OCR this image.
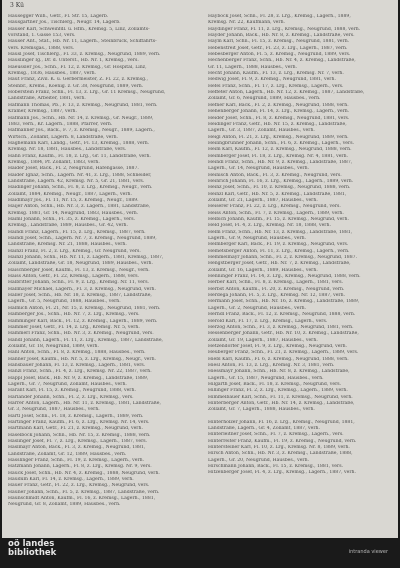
3 Kü
Hausegger Wilh., Getr., Fl. Str. 15, Lagerb.
Hausgartner Jos., Tischlerg., Neugr. 14, Lagerb.
Hauser Karl, Schweinfdl. u. Hfm., Kremsg. 5, Linz, Zollamts-
vorstand, 1. Gasse 153, vers.
Hauser Ant., Stat., Hb. Nr. 11, Lagerh., Steinbruck, Schiffahrts-
vers. Kremsgas., 1888, vers.
Hausl Josef, Tischlerg., Fl. 33, z. Kremsg., Neugrund, 1889, verh.
Hauslinger Ig., Dr. d. Unterst., Hb. Nr. 1, Kremsg., vers.
Haeussler Jos., Schn., Fl. 12, z. Kremsg., Gr. Hospital, Linz,
Kremsg., 1836, Hausbes., 1887, verh.
Haut Franz, Zivil. K. u. Gerbermeister, Z. Fl. 22, z. Kremsg.,
Steinbr., Krems., Koenig. z. Gr. 38, Neugrund, 1889, verh.
Hoberstein Franz, Schn., Fl. 13, z. Lrg., Gr. 11 Kremsg., Neugrund,
Landstraße, Arbeiter, 1881, verh.
Hafmann Thomas, Pb., F. 13, z. Kremsg., Neugrund, 1881, verh.
Kramer, Kremsg., 1887, verh.
Hafmann Jos., Schn., Hb. Nr. 14, z. Kremsg., Gr. Neugr., 1889,
1883, verh., Kr. Lagerh., 1888, Pfarrer, verh.
Hafmanner Jos., Bäck., F. 7, z. Kremsg., Neugr., 1889, Lagerh.,
Wirtsch., Zollamt, Lagerh. 8, Landstraße, verh.
Haghemann Karl, Landg., Getr., Fl. 13, Kremsg., 1888, verh.
Kremsg. Nr. 18, 1881, Hausbes., Landstraße, vers.
Hahn Franz, Kaufm., Fl. 18, z. Lrg., Gr. 11, Landstraße, verh.
Kremsg., 1884, Pf. Zollamt, 1883, verh.
Haider Josef, Bäck., Fl. 2, Neugrund, Hafengasse, 1887.
Haider Ignaz, Schn., Lagerh. Nr. 41, z. Lrg., 1888, Schneider,
Landstraße, Lagerh. 42, Kremsg. Nr. 5, Gr. 21, 1881, vers.
Haidinger Johann, Schn., Fl. 8, z. Lrg., Kremsg., Neugr., verh.
Zollamt, 1884, Kremsg., Neugr., 1887, Lagerh., verh.
Haidlmayr Jos., Fl. 11, Nr. 15, z. Kremsg., Neugr., 1889.
Haijer Anton, Schn., Hb. Nr. 3, z. Lagerh., 1881, Landstraße,
Kremsg. 1881, Gr. 14, Neugrund, 1883, Hausbes., verh.
Haiml Johann, Schn., Fl. 35, z. Kremsg., Lagerh., vers.
Kremsg., Landstraße, 1889, Hausbes., Gr. 42, verh.
Haindl Franz, Lagerh., Fl. 15, z. Lrg., Kremsg., 1887, verh.
Haindl Josef, Schn., Lagerh. Nr. 7, z. Kremsg., Neugrund, 1889,
Landstraße, Kremsg. Nr. 21, 1888, Hausbes., verh.
Hainzl Franz, Fl. 2, z. Lrg., Kremsg., Gr. Neugrund, vers.
Hainzl Johann, Schn., Hb. Nr. 11, z. Lagerh., 1881, Kremsg., 1887,
Zollamt, Landstraße, Gr. 18, Neugrund, 1889, Hausbes., verh.
Haischberger Josef, Kaufm., Fl. 13, z. Kremsg., Neugr., verh.
Haiss Anton, Getr., Fl. 22, Kremsg., Lagerh., 1888, vers.
Halbritter Johann, Schn., Fl. 9, z. Lrg., Kremsg. Nr. 11, vers.
Hallmayer Michael, Lagerh., Fl. 3, z. Kremsg., Neugrund, verh.
Haller Josef, Schn., Hb. Nr. 18, z. Kremsg., 1887, Landstraße,
Lagerh., Gr. 5, Neugrund, 1888, Hausbes., verh.
Halmich Anton, Fl. 21, Nr. 15, z. Kremsg., Neugrund, 1881, verh.
Hamberger Jos., Schn., Hb. Nr. 7, z. Lrg., Kremsg., vers.
Hamminger Karl, Bäck., Fl. 12, z. Kremsg., Lagerh., 1889, verh.
Hammer Josef, Getr., Fl. 14, z. Lrg., Kremsg. Nr. 5, verh.
Hammerl Franz, Schn., Hb. Nr. 3, z. Kremsg., Neugrund, vers.
Handl Johann, Lagerh., Fl. 11, z. Lrg., Kremsg., 1887, Landstraße,
Zollamt, Gr. 18, Neugrund, 1889, verh.
Hanl Anton, Schn., Fl. 8, z. Kremsg., 1888, Hausbes., verh.
Hanner Josef, Kaufm., Hb. Nr. 5, z. Lrg., Kremsg., Neugr., verh.
Hansbauer Johann, Fl. 13, z. Kremsg., Lagerh., 1881, vers.
Hanzl Franz, Schn., Fl. 4, z. Lrg., Kremsg. Nr. 22, 1887, verh.
Happl Josef, Bäck., Hb. Nr. 9, z. Kremsg., Landstraße, 1889,
Lagerh., Gr. 7, Neugrund, Zollamt, Hausbes., verh.
Harant Karl, Fl. 15, z. Kremsg., Neugrund, 1888, verh.
Harlander Johann, Schn., Fl. 2, z. Lrg., Kremsg., vers.
Harrer Anton, Lagerh., Hb. Nr. 11, z. Kremsg., 1881, Landstraße,
Gr. 3, Neugrund, 1887, Hausbes., verh.
Hartl Josef, Schn., Fl. 18, z. Kremsg., Lagerh., 1889, verh.
Hartinger Franz, Kaufm., Fl. 6, z. Lrg., Kremsg. Nr. 14, vers.
Hartmann Karl, Getr., Fl. 21, z. Kremsg., Neugrund, verh.
Haselböck Johann, Schn., Hb. Nr. 15, z. Kremsg., 1888, verh.
Haslinger Josef, Fl. 7, z. Lrg., Kremsg., Lagerh., 1887, vers.
Haslmayr Anton, Bäck., Fl. 3, z. Kremsg., Neugrund, 1881,
Landstraße, Zollamt, Gr. 12, 1889, Hausbes., verh.
Hasslinger Franz, Schn., Fl. 19, z. Kremsg., Lagerh., verh.
Hatzmann Johann, Lagerh., Fl. 8, z. Lrg., Kremsg. Nr. 9, vers.
Hauck Josef, Schn., Hb. Nr. 4, z. Kremsg., 1888, Neugrund, verh.
Haudum Karl, Fl. 14, z. Kremsg., Lagerh., 1889, verh.
Hauer Franz, Getr., Fl. 22, z. Lrg., Kremsg., Neugrund, vers.
Hauner Johann, Schn., Fl. 5, z. Kremsg., 1887, Landstraße, verh.
Haunschmidt Anton, Kaufm., Fl. 16, z. Kremsg., Lagerh., 1881,
Neugrund, Gr. 8, Zollamt, 1889, Hausbes., verh.
Hayböck Josef, Schn., Fl. 28, z. Lrg., Kremsg., Lagerh., 1889,
Kremsg. Nr. 22, Kaufmann, verh.
Haydinger Franz, Fl. 11, z. Lrg., Kremsg., Neugrund, 1888, verh.
Hayder Johann, Bäck., Hb. Nr. 8, z. Kremsg., Landstraße, vers.
Haym Karl, Schn., Fl. 15, z. Kremsg., Neugrund, 1881, verh.
Hebenstreit Josef, Getr., Fl. 23, z. Lrg., Lagerh., 1887, verh.
Hebesberger Anton, Fl. 5, z. Kremsg., Neugrund, 1889, vers.
Hechenberger Franz, Schn., Hb. Nr. 4, z. Kremsg., Landstraße,
Gr. 11, Lagerh., 1888, Hausbes., verh.
Hecht Johann, Kaufm., Fl. 13, z. Lrg., Kremsg. Nr. 7, verh.
Hedwig Josef, Fl. 9, z. Kremsg., Neugrund, 1881, verh.
Hefel Franz, Schn., Fl. 17, z. Lrg., Kremsg., Lagerh., vers.
Heffeter Anton, Lagerh., Hb. Nr. 12, z. Kremsg., 1887, Landstraße,
Zollamt, Gr. 6, Neugrund, 1889, Hausbes., verh.
Hefner Karl, Bäck., Fl. 2, z. Kremsg., Neugrund, 1888, verh.
Hehenberger Johann, Fl. 14, z. Lrg., Kremsg., Lagerh., verh.
Heider Josef, Schn., Fl. 8, z. Kremsg., Neugrund, 1881, vers.
Heidinger Franz, Getr., Hb. Nr. 15, z. Kremsg., Landstraße,
Lagerh., Gr. 3, 1887, Zollamt, Hausbes., verh.
Heigl Anton, Fl. 21, z. Lrg., Kremsg., Neugrund, 1889, verh.
Heilingbrunner Johann, Schn., Fl. 6, z. Kremsg., Lagerh., vers.
Heim Karl, Kaufm., Fl. 12, z. Kremsg., Neugrund, 1888, verh.
Heimberger Josef, Fl. 18, z. Lrg., Kremsg. Nr. 4, 1881, verh.
Heindl Franz, Schn., Hb. Nr. 9, z. Kremsg., Landstraße, 1887,
Lagerh., Gr. 14, Neugrund, Hausbes., verh.
Heinisch Anton, Bäck., Fl. 3, z. Kremsg., Neugrund, vers.
Heinrich Johann, Fl. 16, z. Lrg., Kremsg., Lagerh., 1889, verh.
Heinz Josef, Schn., Fl. 10, z. Kremsg., Neugrund, 1888, verh.
Heinzl Karl, Getr., Hb. Nr. 5, z. Kremsg., Landstraße, 1881,
Zollamt, Gr. 21, Lagerh., 1887, Hausbes., verh.
Heiserer Franz, Fl. 22, z. Lrg., Kremsg., Neugrund, vers.
Heiss Anton, Schn., Fl. 7, z. Kremsg., Lagerh., 1889, verh.
Helbich Johann, Kaufm., Fl. 15, z. Kremsg., Neugrund, verh.
Held Josef, Fl. 4, z. Lrg., Kremsg. Nr. 18, 1888, verh.
Helm Franz, Schn., Hb. Nr. 13, z. Kremsg., Landstraße, 1881,
Lagerh., Gr. 9, Neugrund, Hausbes., verh.
Helmberger Karl, Bäck., Fl. 19, z. Kremsg., Neugrund, vers.
Hemetsberger Anton, Fl. 11, z. Lrg., Kremsg., Lagerh., verh.
Hemmelmayr Johann, Schn., Fl. 2, z. Kremsg., Neugrund, 1887.
Hengstberger Josef, Getr., Hb. Nr. 7, z. Kremsg., Landstraße,
Zollamt, Gr. 16, Lagerh., 1889, Hausbes., verh.
Henninger Franz, Fl. 14, z. Lrg., Kremsg., Neugrund, 1888, verh.
Herber Karl, Schn., Fl. 8, z. Kremsg., Lagerh., 1881, vers.
Herbst Anton, Kaufm., Fl. 20, z. Kremsg., Neugrund, verh.
Herdega Johann, Fl. 5, z. Lrg., Kremsg. Nr. 12, 1887, verh.
Hermann Josef, Schn., Hb. Nr. 16, z. Kremsg., Landstraße, 1889,
Lagerh., Gr. 2, Neugrund, Hausbes., verh.
Herndl Franz, Bäck., Fl. 12, z. Kremsg., Neugrund, 1888, verh.
Herold Karl, Fl. 17, z. Lrg., Kremsg., Lagerh., vers.
Herzog Anton, Schn., Fl. 3, z. Kremsg., Neugrund, 1881, verh.
Hessenberger Johann, Getr., Hb. Nr. 10, z. Kremsg., Landstraße,
Zollamt, Gr. 19, Lagerh., 1887, Hausbes., verh.
Hetzendorfer Josef, Fl. 9, z. Lrg., Kremsg., Neugrund, verh.
Heuberger Franz, Schn., Fl. 21, z. Kremsg., Lagerh., 1889, vers.
Hiebl Karl, Kaufm., Fl. 6, z. Kremsg., Neugrund, 1888, verh.
Hiesl Anton, Fl. 13, z. Lrg., Kremsg. Nr. 3, 1881, verh.
Hiessmayr Johann, Schn., Hb. Nr. 8, z. Kremsg., Landstraße,
Lagerh., Gr. 15, 1887, Neugrund, Hausbes., verh.
Hilgarth Josef, Bäck., Fl. 18, z. Kremsg., Neugrund, vers.
Hillinger Franz, Fl. 2, z. Lrg., Kremsg., Lagerh., 1889, verh.
Himmelbauer Karl, Schn., Fl. 11, z. Kremsg., Neugrund, verh.
Hinterberger Anton, Getr., Hb. Nr. 14, z. Kremsg., Landstraße,
Zollamt, Gr. 7, Lagerh., 1888, Hausbes., verh.
Hinterholzer Johann, Fl. 16, z. Lrg., Kremsg., Neugrund, 1881,
Landstraße, Lagerh., Gr. 4, Zollamt, 1887, verh.
Hinterleitner Josef, Schn., Fl. 7, z. Kremsg., Lagerh., vers.
Hinterreiter Franz, Kaufm., Fl. 19, z. Kremsg., Neugrund, verh.
Hintersteiner Karl, Fl. 10, z. Lrg., Kremsg. Nr. 8, 1889, verh.
Hirsch Anton, Schn., Hb. Nr. 3, z. Kremsg., Landstraße, 1888,
Lagerh., Gr. 20, Neugrund, Hausbes., verh.
Hirschmann Johann, Bäck., Fl. 15, z. Kremsg., 1881, vers.
Hitzenberger Josef, Fl. 4, z. Lrg., Kremsg., Lagerh., 1887, verh.
oö landes
bibliothek	intranda viewer
